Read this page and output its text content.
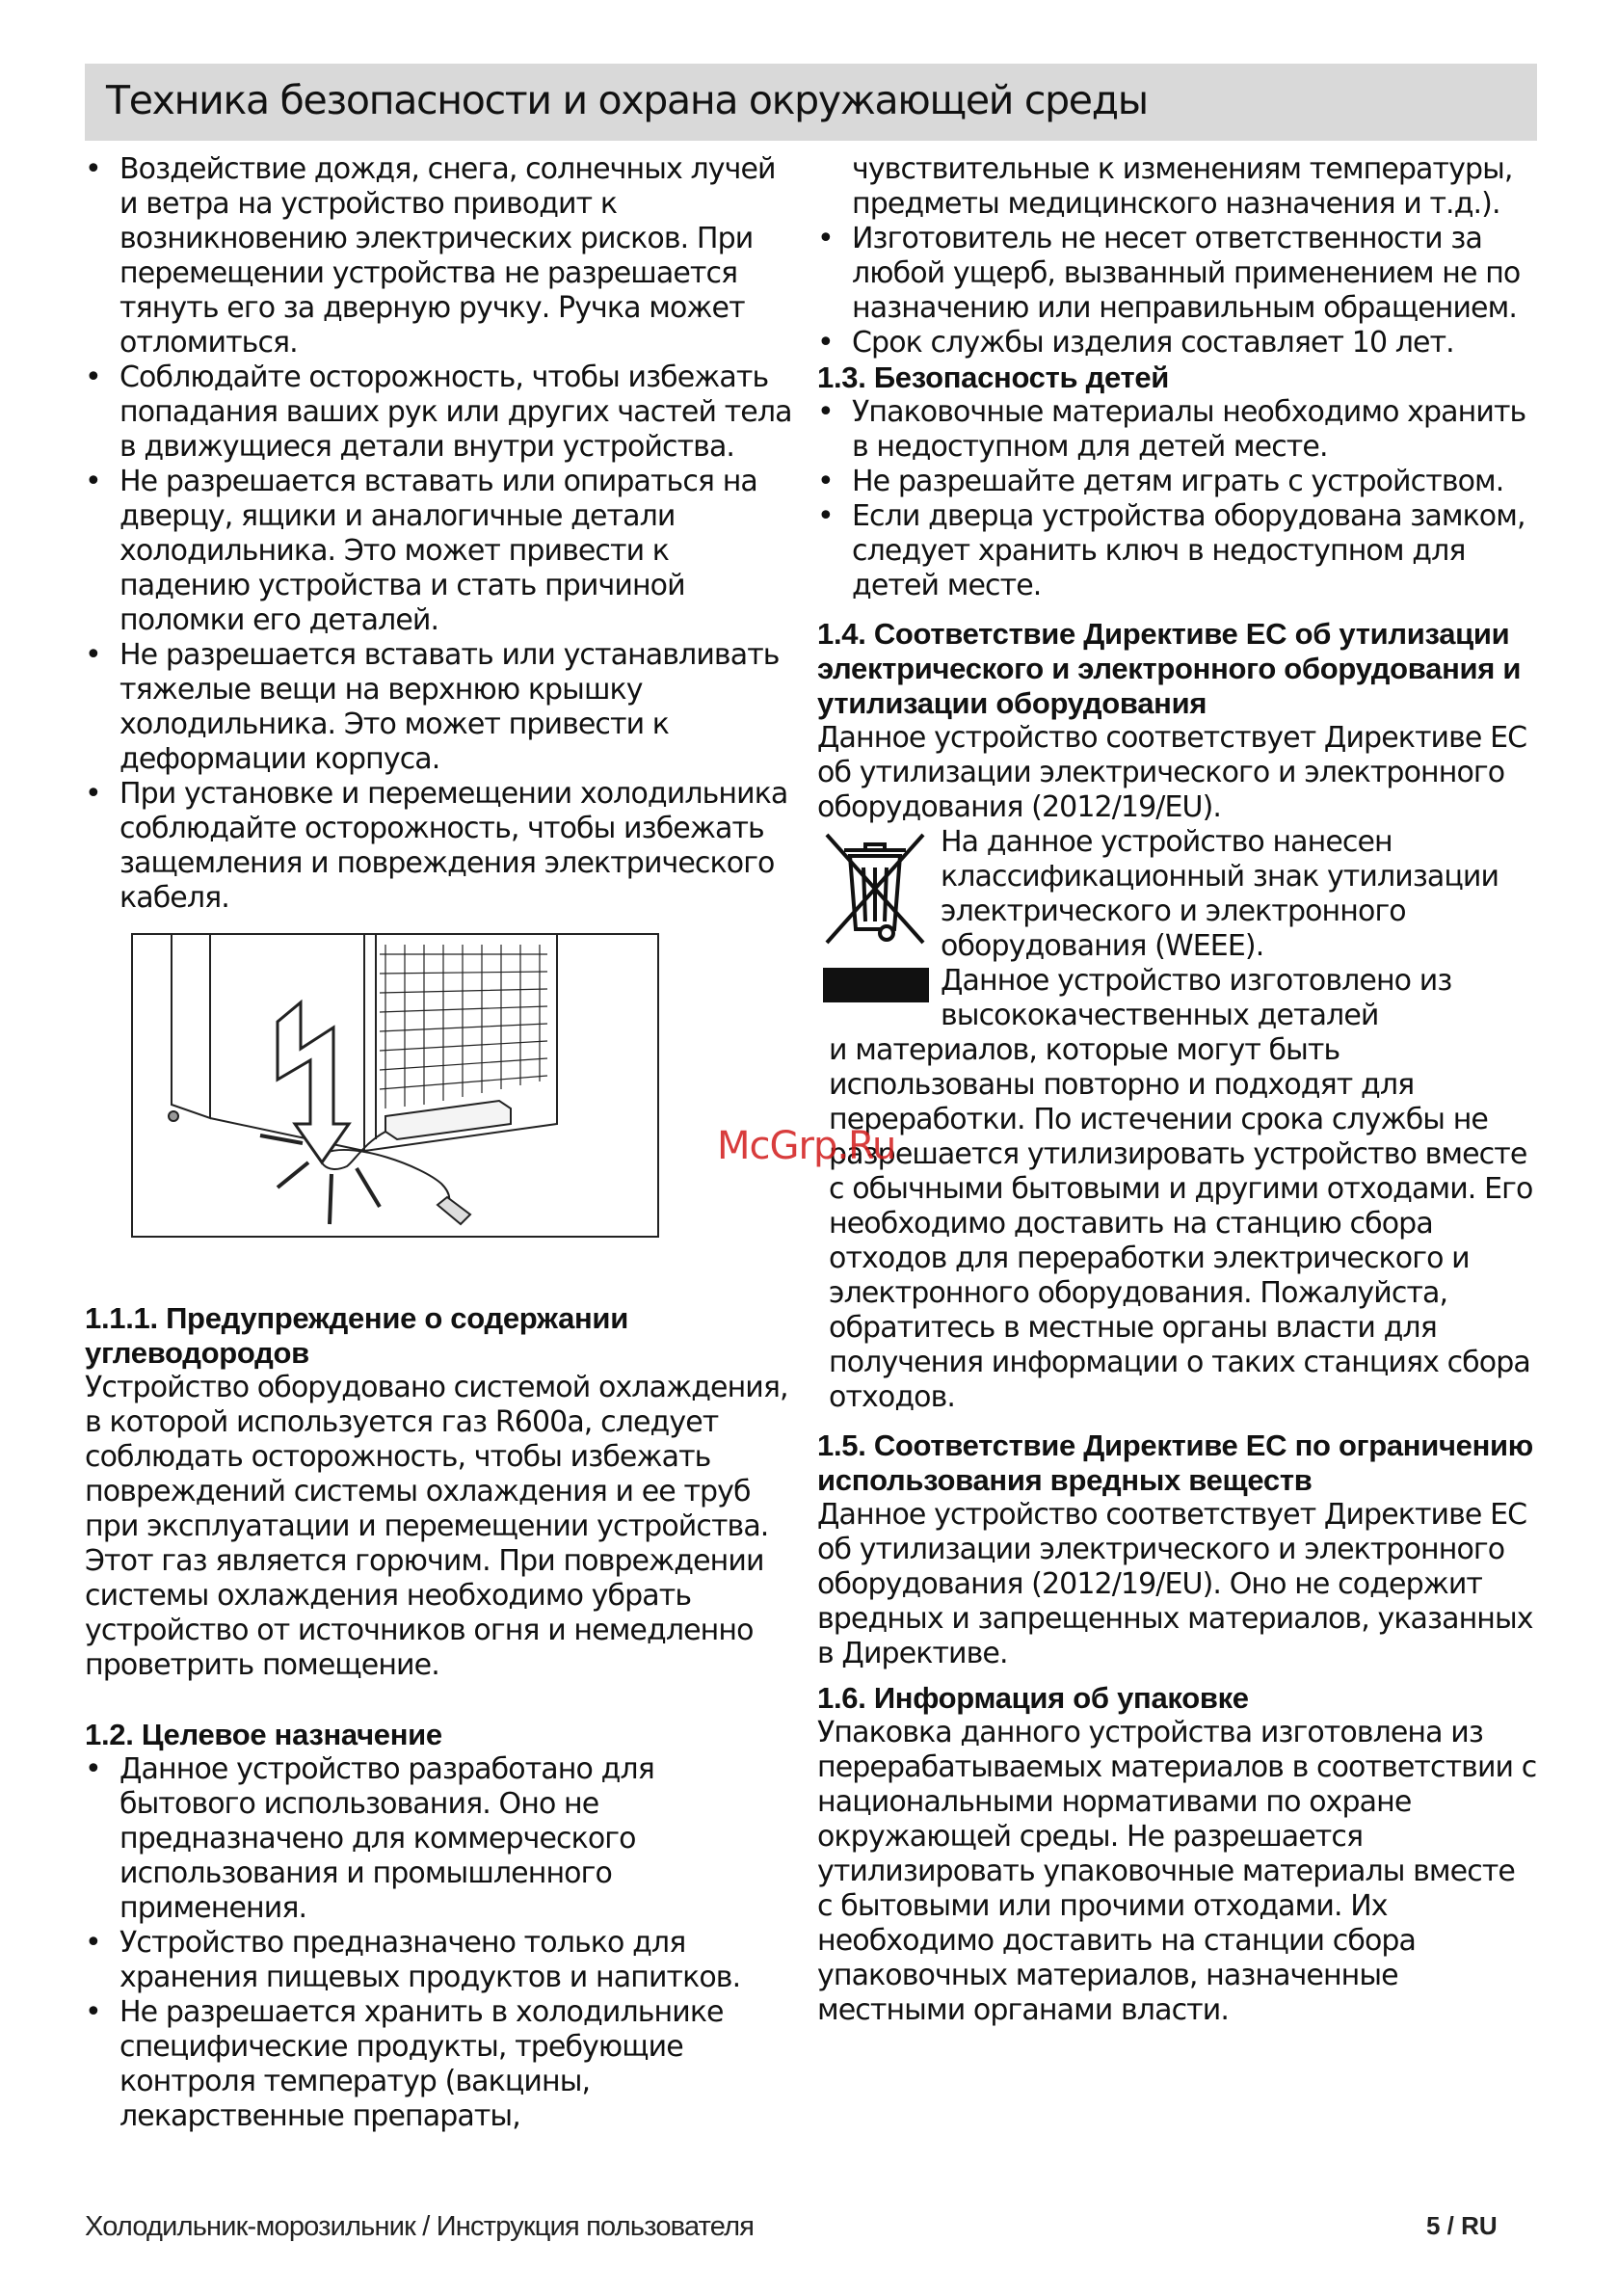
Техника безопасности и охрана окружающей среды
• Воздействие дождя, снега, солнечных лучей и ветра на устройство приводит к возникновению электрических рисков. При перемещении устройства не разрешается тянуть его за дверную ручку. Ручка может отломиться.
• Соблюдайте осторожность, чтобы избежать попадания ваших рук или других частей тела в движущиеся детали внутри устройства.
• Не разрешается вставать или опираться на дверцу, ящики и аналогичные детали холодильника. Это может привести к падению устройства и стать причиной поломки его деталей.
• Не разрешается вставать или устанавливать тяжелые вещи на верхнюю крышку холодильника. Это может привести к деформации корпуса.
• При установке и перемещении холодильника соблюдайте осторожность, чтобы избежать защемления и повреждения электрического кабеля.
1.1.1. Предупреждение о содержании углеводородов

Устройство оборудовано системой охлаждения, в которой используется газ R600a, следует соблюдать осторожность, чтобы избежать повреждений системы охлаждения и ее труб при эксплуатации и перемещении устройства. Этот газ является горючим. При повреждении системы охлаждения необходимо убрать устройство от источников огня и немедленно проветрить помещение.

1.2. Целевое назначение
• Данное устройство разработано для бытового использования. Оно не предназначено для коммерческого использования и промышленного применения.
• Устройство предназначено только для хранения пищевых продуктов и напитков.
• Не разрешается хранить в холодильнике специфические продукты, требующие контроля температур (вакцины, лекарственные препараты,

чувствительные к изменениям температуры, предметы медицинского назначения и т.д.).

• Изготовитель не несет ответственности за любой ущерб, вызванный применением не по назначению или неправильным обращением.
• Срок службы изделия составляет 10 лет.
1.3. Безопасность детей
• Упаковочные материалы необходимо хранить в недоступном для детей месте.
• Не разрешайте детям играть с устройством.
• Если дверца устройства оборудована замком, следует хранить ключ в недоступном для детей месте.
1.4. Соответствие Директиве ЕС об утилизации электрического и электронного оборудования и утилизации оборудования

Данное устройство соответствует Директиве ЕС об утилизации электрического и электронного оборудования (2012/19/EU).

На данное устройство нанесен классификационный знак утилизации электрического и электронного оборудования (WEEE).

Данное устройство изготовлено из высококачественных деталей

и материалов, которые могут быть использованы повторно и подходят для переработки. По истечении срока службы не разрешается утилизировать устройство вместе с обычными бытовыми и другими отходами. Его необходимо доставить на станцию сбора отходов для переработки электрического и электронного оборудования. Пожалуйста, обратитесь в местные органы власти для получения информации о таких станциях сбора отходов.

1.5. Соответствие Директиве ЕС по ограничению использования вредных веществ

Данное устройство соответствует Директиве ЕС об утилизации электрического и электронного оборудования (2012/19/EU). Оно не содержит вредных и запрещенных материалов, указанных в Директиве.

1.6. Информация об упаковке

Упаковка данного устройства изготовлена из перерабатываемых материалов в соответствии с национальными нормативами по охране окружающей среды. Не разрешается утилизировать упаковочные материалы вместе с бытовыми или прочими отходами. Их необходимо доставить на станции сбора упаковочных материалов, назначенные местными органами власти.

McGrp.Ru
Холодильник-морозильник / Инструкция пользователя	5 / RU
